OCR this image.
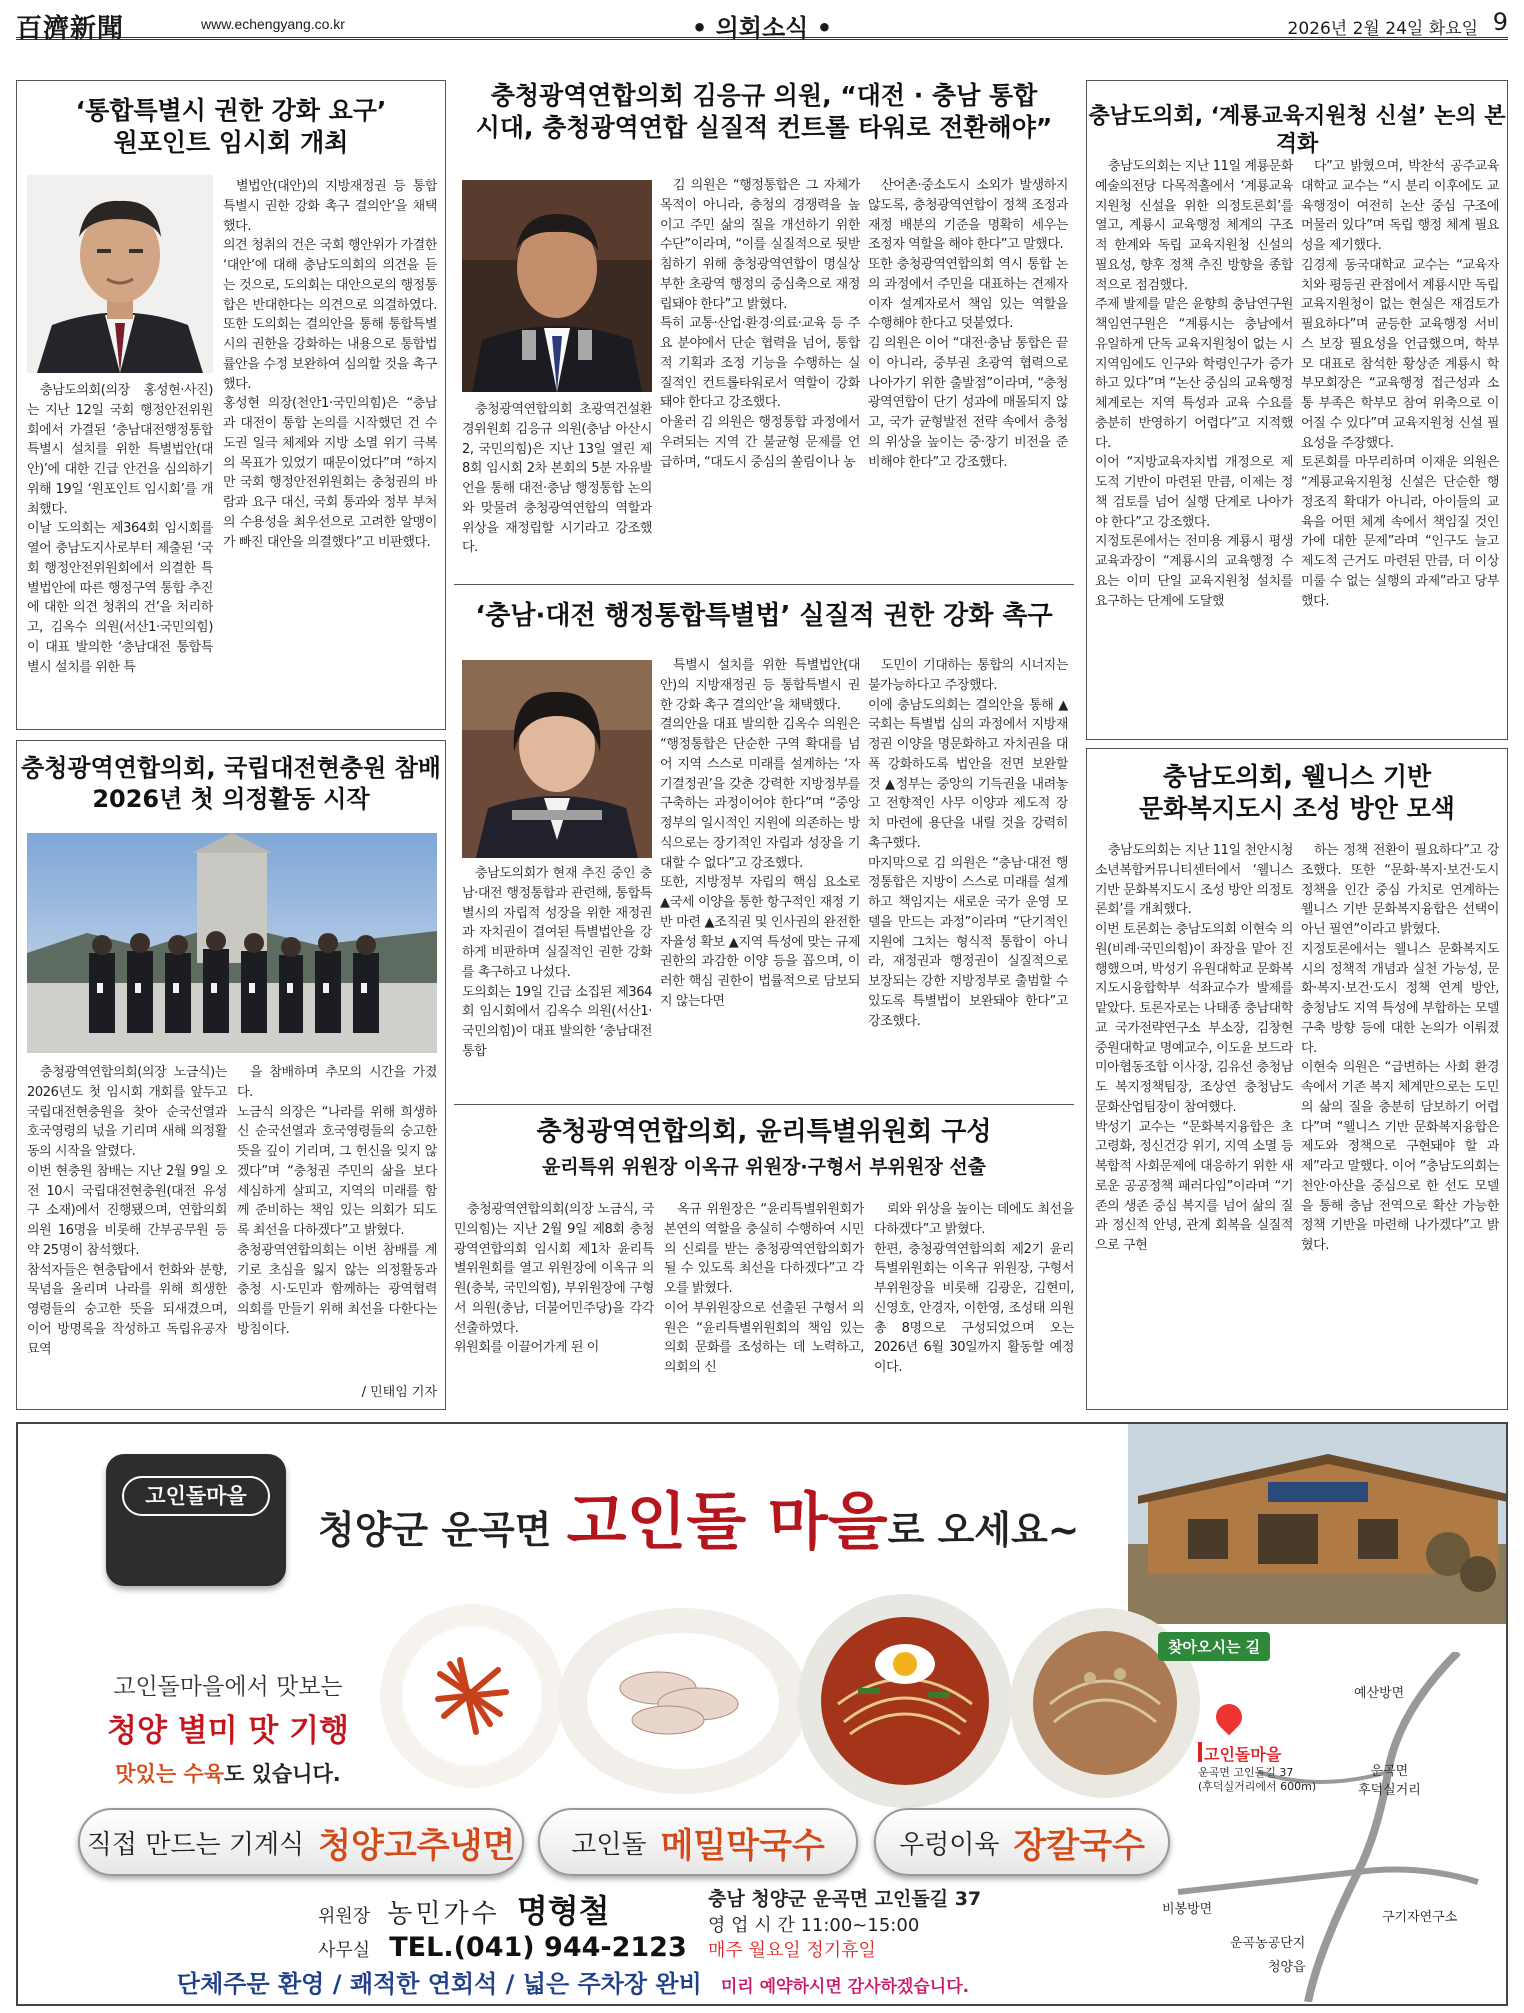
百濟新聞	www.echengyang.co.kr	• 의회소식 •	2026년 2월 24일 화요일 9
‘통합특별시 권한 강화 요구’
원포인트 임시회 개최

충남도의회(의장 홍성현·사진)는 지난 12일 국회 행정안전위원회에서 가결된 ‘충남대전행정통합특별시 설치를 위한 특별법안(대안)’에 대한 긴급 안건을 심의하기 위해 19일 ‘원포인트 임시회’를 개최했다.
이날 도의회는 제364회 임시회를 열어 충남도지사로부터 제출된 ‘국회 행정안전위원회에서 의결한 특별법안에 따른 행정구역 통합 추진에 대한 의견 청취의 건’을 처리하고, 김옥수 의원(서산1·국민의힘)이 대표 발의한 ‘충남대전 통합특별시 설치를 위한 특

별법안(대안)의 지방재정권 등 통합특별시 권한 강화 촉구 결의안’을 채택했다.
의견 청취의 건은 국회 행안위가 가결한 ‘대안’에 대해 충남도의회의 의견을 듣는 것으로, 도의회는 대안으로의 행정통합은 반대한다는 의견으로 의결하였다. 또한 도의회는 결의안을 통해 통합특별시의 권한을 강화하는 내용으로 통합법률안을 수정 보완하여 심의할 것을 촉구했다.
홍성현 의장(천안1·국민의힘)은 “충남과 대전이 통합 논의를 시작했던 건 수도권 일극 체제와 지방 소멸 위기 극복의 목표가 있었기 때문이었다”며 “하지만 국회 행정안전위원회는 충청권의 바람과 요구 대신, 국회 통과와 정부 부처의 수용성을 최우선으로 고려한 알맹이가 빠진 대안을 의결했다”고 비판했다.

충청광역연합의회, 국립대전현충원 참배
2026년 첫 의정활동 시작

충청광역연합의회(의장 노금식)는 2026년도 첫 임시회 개회를 앞두고 국립대전현충원을 찾아 순국선열과 호국영령의 넋을 기리며 새해 의정활동의 시작을 알렸다.
이번 현충원 참배는 지난 2월 9일 오전 10시 국립대전현충원(대전 유성구 소재)에서 진행됐으며, 연합의회 의원 16명을 비롯해 간부공무원 등 약 25명이 참석했다.
참석자들은 현충탑에서 헌화와 분향, 묵념을 올리며 나라를 위해 희생한 영령들의 숭고한 뜻을 되새겼으며, 이어 방명록을 작성하고 독립유공자 묘역

을 참배하며 추모의 시간을 가졌다.
노금식 의장은 “나라를 위해 희생하신 순국선열과 호국영령들의 숭고한 뜻을 깊이 기리며, 그 헌신을 잊지 않겠다”며 “충청권 주민의 삶을 보다 세심하게 살피고, 지역의 미래를 함께 준비하는 책임 있는 의회가 되도록 최선을 다하겠다”고 밝혔다.
충청광역연합의회는 이번 참배를 계기로 초심을 잃지 않는 의정활동과 충청 시·도민과 함께하는 광역협력 의회를 만들기 위해 최선을 다한다는 방침이다.

/ 민태임 기자
충청광역연합의회 김응규 의원, “대전 · 충남 통합
시대, 충청광역연합 실질적 컨트롤 타워로 전환해야”

충청광역연합의회 초광역건설환경위원회 김응규 의원(충남 아산시2, 국민의힘)은 지난 13일 열린 제8회 임시회 2차 본회의 5분 자유발언을 통해 대전·충남 행정통합 논의와 맞물려 충청광역연합의 역할과 위상을 재정립할 시기라고 강조했다.

김 의원은 “행정통합은 그 자체가 목적이 아니라, 충청의 경쟁력을 높이고 주민 삶의 질을 개선하기 위한 수단”이라며, “이를 실질적으로 뒷받침하기 위해 충청광역연합이 명실상부한 초광역 행정의 중심축으로 재정립돼야 한다”고 밝혔다.
특히 교통·산업·환경·의료·교육 등 주요 분야에서 단순 협력을 넘어, 통합적 기획과 조정 기능을 수행하는 실질적인 컨트롤타워로서 역할이 강화돼야 한다고 강조했다.
아울러 김 의원은 행정통합 과정에서 우려되는 지역 간 불균형 문제를 언급하며, “대도시 중심의 쏠림이나 농

산어촌·중소도시 소외가 발생하지 않도록, 충청광역연합이 정책 조정과 재정 배분의 기준을 명확히 세우는 조정자 역할을 해야 한다”고 말했다.
또한 충청광역연합의회 역시 통합 논의 과정에서 주민을 대표하는 견제자이자 설계자로서 책임 있는 역할을 수행해야 한다고 덧붙였다.
김 의원은 이어 “대전·충남 통합은 끝이 아니라, 중부권 초광역 협력으로 나아가기 위한 출발점”이라며, “충청광역연합이 단기 성과에 매몰되지 않고, 국가 균형발전 전략 속에서 충청의 위상을 높이는 중·장기 비전을 준비해야 한다”고 강조했다.

‘충남·대전 행정통합특별법’ 실질적 권한 강화 촉구

충남도의회가 현재 추진 중인 충남·대전 행정통합과 관련해, 통합특별시의 자립적 성장을 위한 재정권과 자치권이 결여된 특별법안을 강하게 비판하며 실질적인 권한 강화를 촉구하고 나섰다.
도의회는 19일 긴급 소집된 제364회 임시회에서 김옥수 의원(서산1·국민의힘)이 대표 발의한 ‘충남대전통합

특별시 설치를 위한 특별법안(대안)의 지방재정권 등 통합특별시 권한 강화 촉구 결의안’을 채택했다.
결의안을 대표 발의한 김옥수 의원은 “행정통합은 단순한 구역 확대를 넘어 지역 스스로 미래를 설계하는 ‘자기결정권’을 갖춘 강력한 지방정부를 구축하는 과정이어야 한다”며 “중앙정부의 일시적인 지원에 의존하는 방식으로는 장기적인 자립과 성장을 기대할 수 없다”고 강조했다.
또한, 지방정부 자립의 핵심 요소로 ▲국세 이양을 통한 항구적인 재정 기반 마련 ▲조직권 및 인사권의 완전한 자율성 확보 ▲지역 특성에 맞는 규제 권한의 과감한 이양 등을 꼽으며, 이러한 핵심 권한이 법률적으로 담보되지 않는다면

도민이 기대하는 통합의 시너지는 불가능하다고 주장했다.
이에 충남도의회는 결의안을 통해 ▲국회는 특별법 심의 과정에서 지방재정권 이양을 명문화하고 자치권을 대폭 강화하도록 법안을 전면 보완할 것 ▲정부는 중앙의 기득권을 내려놓고 전향적인 사무 이양과 제도적 장치 마련에 용단을 내릴 것을 강력히 촉구했다.
마지막으로 김 의원은 “충남·대전 행정통합은 지방이 스스로 미래를 설계하고 책임지는 새로운 국가 운영 모델을 만드는 과정”이라며 “단기적인 지원에 그치는 형식적 통합이 아니라, 재정권과 행정권이 실질적으로 보장되는 강한 지방정부로 출범할 수 있도록 특별법이 보완돼야 한다”고 강조했다.

충청광역연합의회, 윤리특별위원회 구성
윤리특위 위원장 이옥규 위원장·구형서 부위원장 선출

충청광역연합의회(의장 노금식, 국민의힘)는 지난 2월 9일 제8회 충청광역연합의회 임시회 제1차 윤리특별위원회를 열고 위원장에 이옥규 의원(충북, 국민의힘), 부위원장에 구형서 의원(충남, 더불어민주당)을 각각 선출하였다.
위원회를 이끌어가게 된 이

옥규 위원장은 “윤리특별위원회가 본연의 역할을 충실히 수행하여 시민의 신뢰를 받는 충청광역연합의회가 될 수 있도록 최선을 다하겠다”고 각오를 밝혔다.
이어 부위원장으로 선출된 구형서 의원은 “윤리특별위원회의 책임 있는 의회 문화를 조성하는 데 노력하고, 의회의 신

뢰와 위상을 높이는 데에도 최선을 다하겠다”고 밝혔다.
한편, 충청광역연합의회 제2기 윤리특별위원회는 이옥규 위원장, 구형서 부위원장을 비롯해 김광운, 김현미, 신영호, 안경자, 이한영, 조성태 의원 총 8명으로 구성되었으며 오는 2026년 6월 30일까지 활동할 예정이다.

충남도의회, ‘계룡교육지원청 신설’ 논의 본격화

충남도의회는 지난 11일 계룡문화예술의전당 다목적홀에서 ‘계룡교육지원청 신설을 위한 의정토론회’를 열고, 계룡시 교육행정 체계의 구조적 한계와 독립 교육지원청 신설의 필요성, 향후 정책 추진 방향을 종합적으로 점검했다.
주제 발제를 맡은 윤향희 충남연구원 책임연구원은 “계룡시는 충남에서 유일하게 단독 교육지원청이 없는 시 지역임에도 인구와 학령인구가 증가하고 있다”며 “논산 중심의 교육행정 체계로는 지역 특성과 교육 수요를 충분히 반영하기 어렵다”고 지적했다.
이어 “지방교육자치법 개정으로 제도적 기반이 마련된 만큼, 이제는 정책 검토를 넘어 실행 단계로 나아가야 한다”고 강조했다.
지정토론에서는 전미용 계룡시 평생교육과장이 “계룡시의 교육행정 수요는 이미 단일 교육지원청 설치를 요구하는 단계에 도달했

다”고 밝혔으며, 박찬석 공주교육대학교 교수는 “시 분리 이후에도 교육행정이 여전히 논산 중심 구조에 머물러 있다”며 독립 행정 체계 필요성을 제기했다.
김경제 동국대학교 교수는 “교육자치와 평등권 관점에서 계룡시만 독립 교육지원청이 없는 현실은 재검토가 필요하다”며 균등한 교육행정 서비스 보장 필요성을 언급했으며, 학부모 대표로 참석한 황상준 계룡시 학부모회장은 “교육행정 접근성과 소통 부족은 학부모 참여 위축으로 이어질 수 있다”며 교육지원청 신설 필요성을 주장했다.
토론회를 마무리하며 이재운 의원은 “계룡교육지원청 신설은 단순한 행정조직 확대가 아니라, 아이들의 교육을 어떤 체계 속에서 책임질 것인가에 대한 문제”라며 “인구도 늘고 제도적 근거도 마련된 만큼, 더 이상 미룰 수 없는 실행의 과제”라고 당부했다.

충남도의회, 웰니스 기반
문화복지도시 조성 방안 모색

충남도의회는 지난 11일 천안시청소년복합커뮤니티센터에서 ‘웰니스 기반 문화복지도시 조성 방안 의정토론회’를 개최했다.
이번 토론회는 충남도의회 이현숙 의원(비례·국민의힘)이 좌장을 맡아 진행했으며, 박성기 유원대학교 문화복지도시융합학부 석좌교수가 발제를 맡았다. 토론자로는 나태종 충남대학교 국가전략연구소 부소장, 김창현 중원대학교 명예교수, 이도윤 보드라미아협동조합 이사장, 김유선 충청남도 복지정책팀장, 조상연 충청남도 문화산업팀장이 참여했다.
박성기 교수는 “문화복지융합은 초고령화, 정신건강 위기, 지역 소멸 등 복합적 사회문제에 대응하기 위한 새로운 공공정책 패러다임”이라며 “기존의 생존 중심 복지를 넘어 삶의 질과 정신적 안녕, 관계 회복을 실질적으로 구현

하는 정책 전환이 필요하다”고 강조했다. 또한 “문화·복지·보건·도시 정책을 인간 중심 가치로 연계하는 웰니스 기반 문화복지융합은 선택이 아닌 필연”이라고 밝혔다.
지정토론에서는 웰니스 문화복지도시의 정책적 개념과 실천 가능성, 문화·복지·보건·도시 정책 연계 방안, 충청남도 지역 특성에 부합하는 모델 구축 방향 등에 대한 논의가 이뤄졌다.
이현숙 의원은 “급변하는 사회 환경 속에서 기존 복지 체계만으로는 도민의 삶의 질을 충분히 담보하기 어렵다”며 “웰니스 기반 문화복지융합은 제도와 정책으로 구현돼야 할 과제”라고 말했다. 이어 “충남도의회는 천안·아산을 중심으로 한 선도 모델을 통해 충남 전역으로 확산 가능한 정책 기반을 마련해 나가겠다”고 밝혔다.

고인돌마을
청양군 운곡면 고인돌 마을로 오세요~
고인돌마을에서 맛보는
청양 별미 맛 기행
맛있는 수육도 있습니다.
직접 만드는 기계식 청양고추냉면 고인돌 메밀막국수	우렁이육 장칼국수
위원장 농민가수 명형철
사무실 TEL.(041) 944-2123
충남 청양군 운곡면 고인돌길 37
영 업 시 간 11:00~15:00
매주 월요일 정기휴일
단체주문 환영 / 쾌적한 연회석 / 넓은 주차장 완비 미리 예약하시면 감사하겠습니다.
찾아오시는 길
고인돌마을
운곡면 고인돌길 37
(후덕실거리에서 600m)
예산방면
운곡면
후덕실거리
비봉방면
구기자연구소
운곡농공단지
청양읍
